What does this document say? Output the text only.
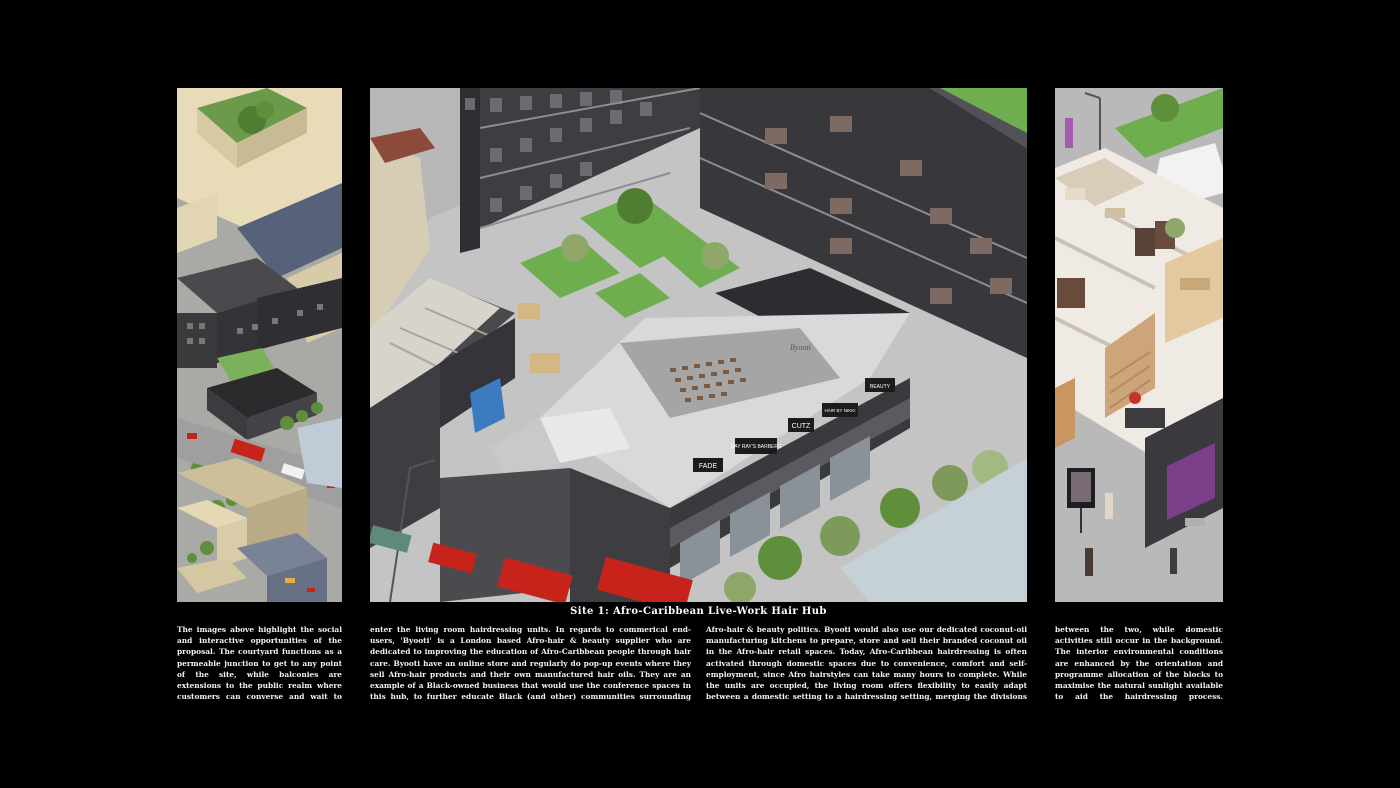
FADE
DAY RAY'S BARBERS
CUTZ
HAIR BY NIKKI
BEAUTY
Byooti
Site 1: Afro-Caribbean Live-Work Hair Hub

The images above highlight the social and interactive opportunities of the proposal. The courtyard functions as a permeable junction to get to any point of the site, while balconies are extensions to the public realm where customers can converse and wait to

enter the living room hairdressing units. In regards to commerical end-users, 'Byooti' is a London based Afro-hair & beauty supplier who are dedicated to improving the education of Afro-Caribbean people through hair care. Byooti have an online store and regularly do pop-up events where they sell Afro-hair products and their own manufactured hair oils. They are an example of a Black-owned business that would use the conference spaces in this hub, to further educate Black (and other) communities surrounding

Afro-hair & beauty politics. Byooti would also use our dedicated coconut-oil manufacturing kitchens to prepare, store and sell their branded coconut oil in the Afro-hair retail spaces. Today, Afro-Caribbean hairdressing is often activated through domestic spaces due to convenience, comfort and self-employment, since Afro hairstyles can take many hours to complete. While the units are occupied, the living room offers flexibility to easily adapt between a domestic setting to a hairdressing setting, merging the divisions

between the two, while domestic activities still occur in the background. The interior environmental conditions are enhanced by the orientation and programme allocation of the blocks to maximise the natural sunlight available to aid the hairdressing process.
